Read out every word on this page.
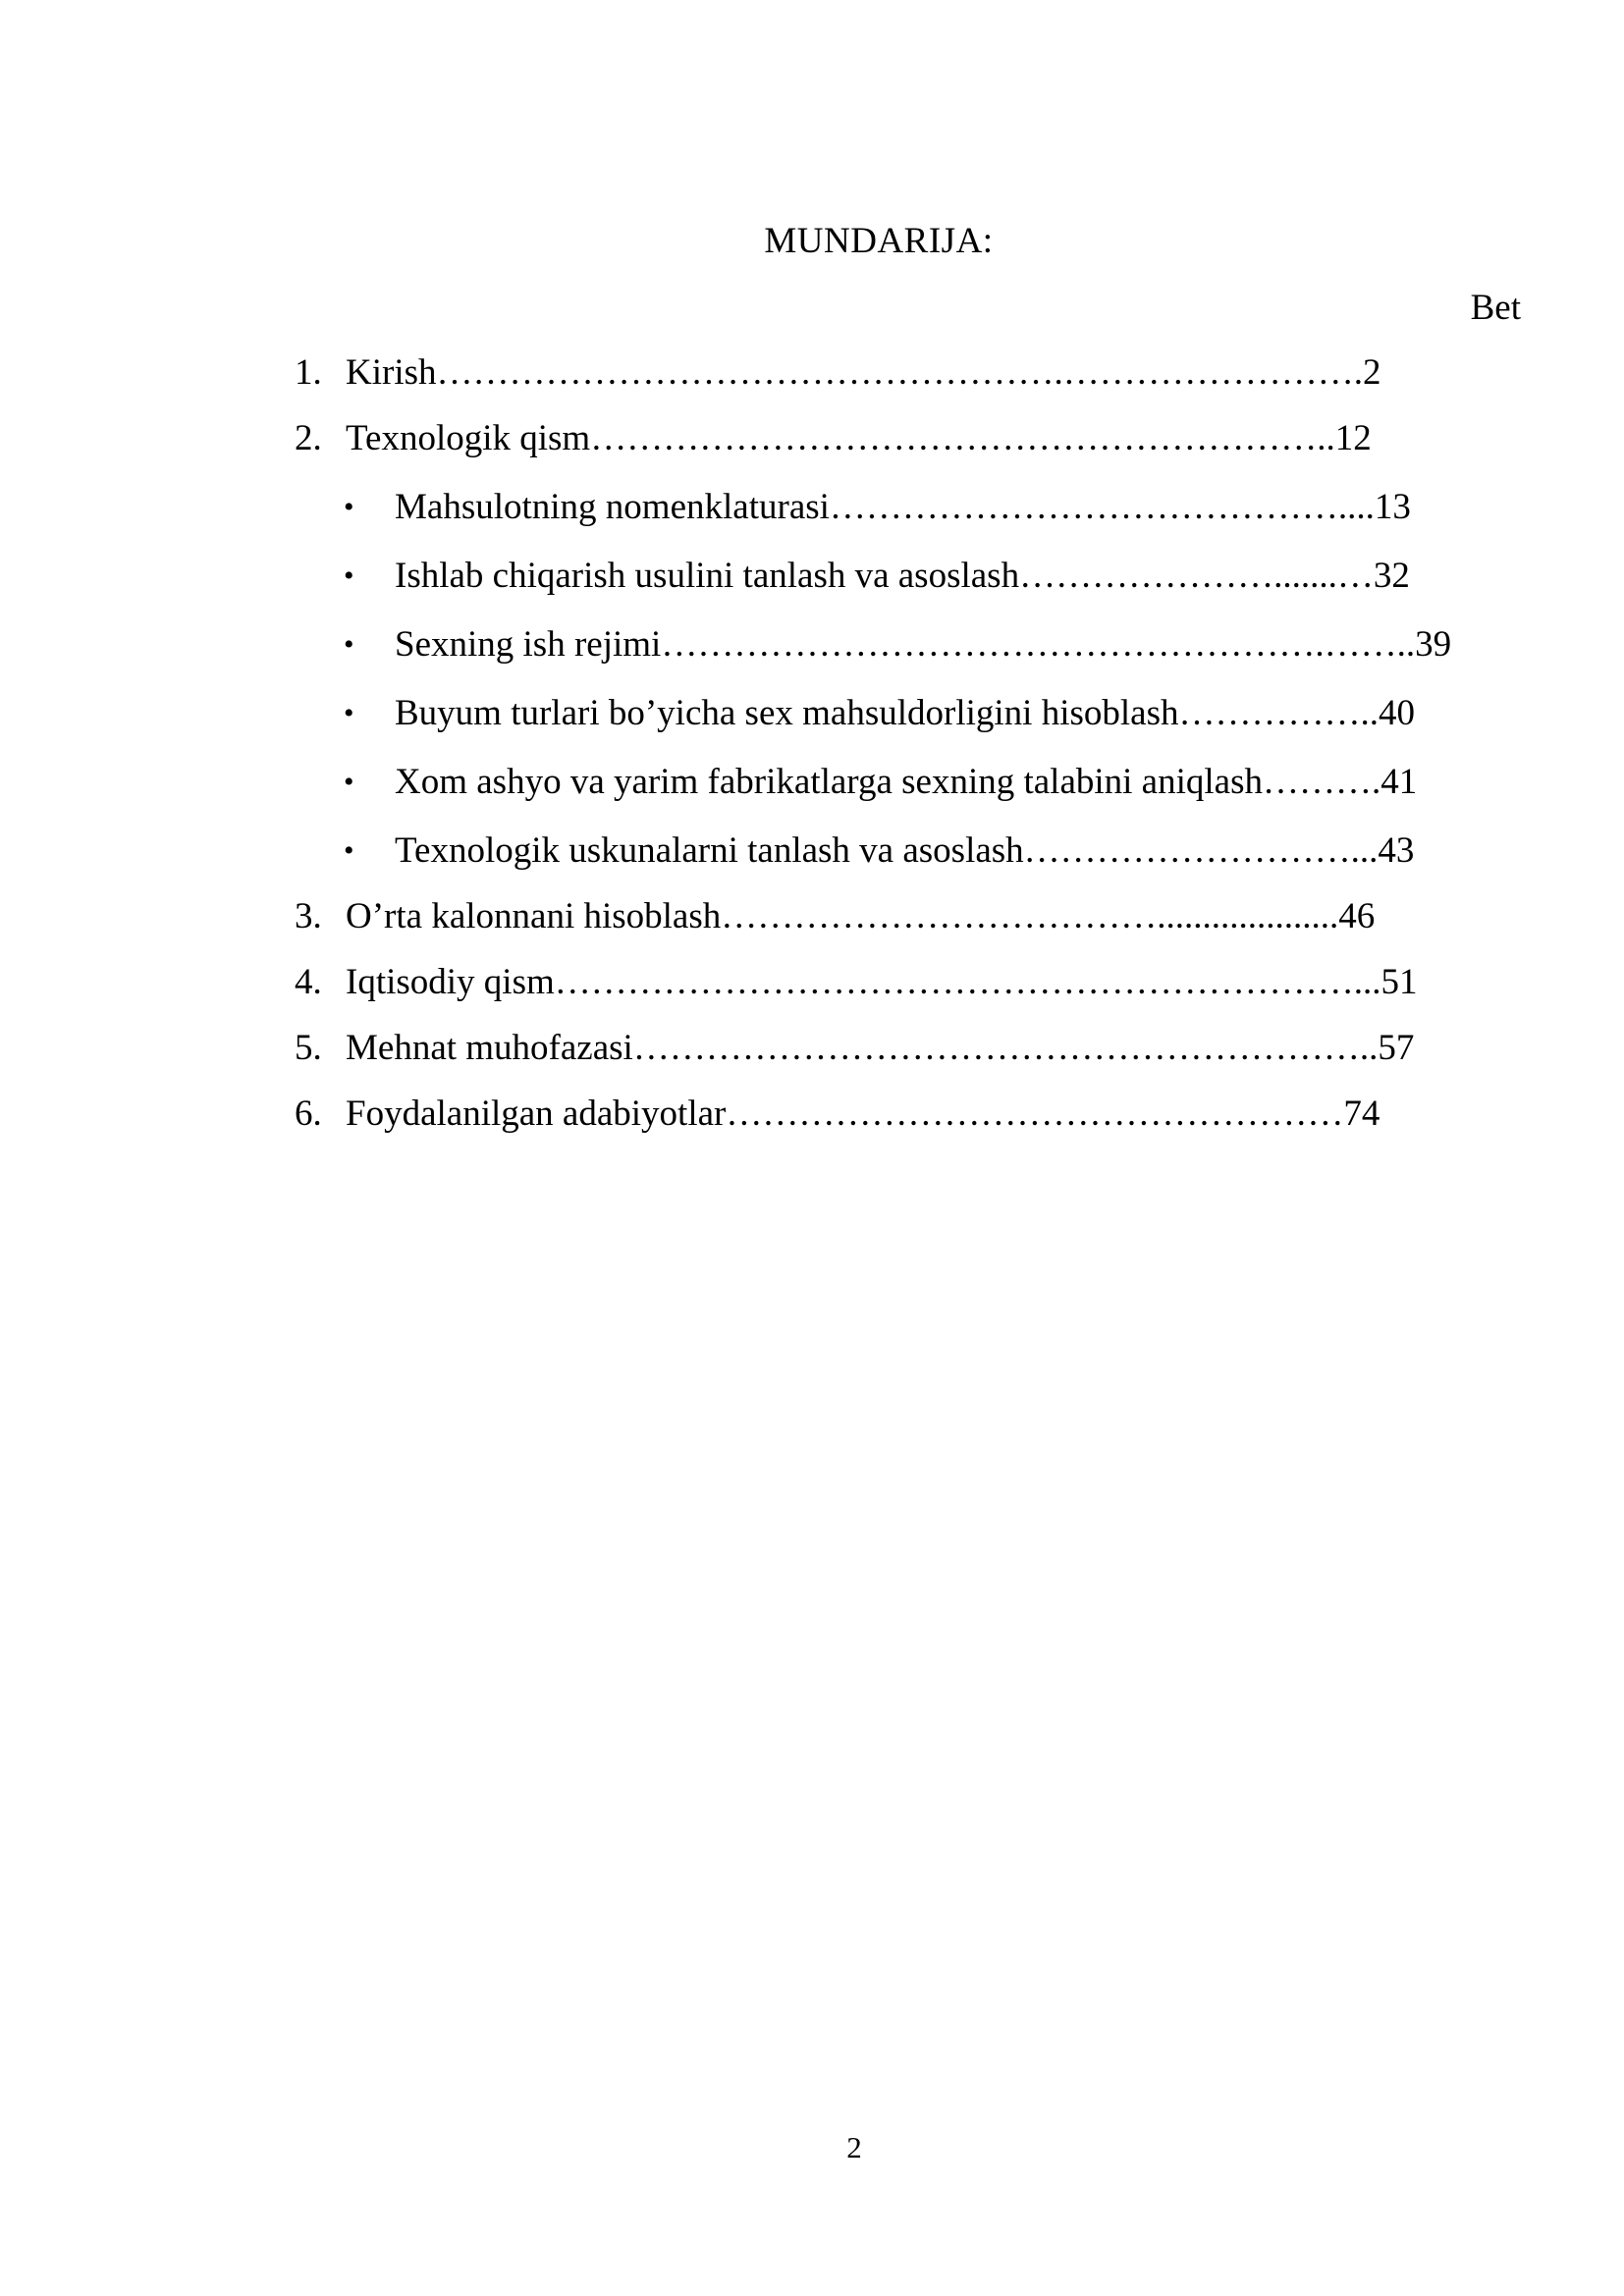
MUNDARIJA:
Bet
1. Kirish…………………………………………….…………………….2
2. Texnologik qism……………………………………………………..12
• Mahsulotning nomenklaturasi……………………………………....13
• Ishlab chiqarish usulini tanlash va asoslash………………….......…32
• Sexning ish rejimi……………………………………………….……..39
• Buyum turlari bo’yicha sex mahsuldorligini hisoblash……………..40
• Xom ashyo va yarim fabrikatlarga sexning talabini aniqlash……….41
• Texnologik uskunalarni tanlash va asoslash………………………...43
3. O’rta kalonnani hisoblash………………………………....................46
4. Iqtisodiy qism…………………………………………………………...51
5. Mehnat muhofazasi……………………………………………………..57
6. Foydalanilgan adabiyotlar……………………………………………74
2
